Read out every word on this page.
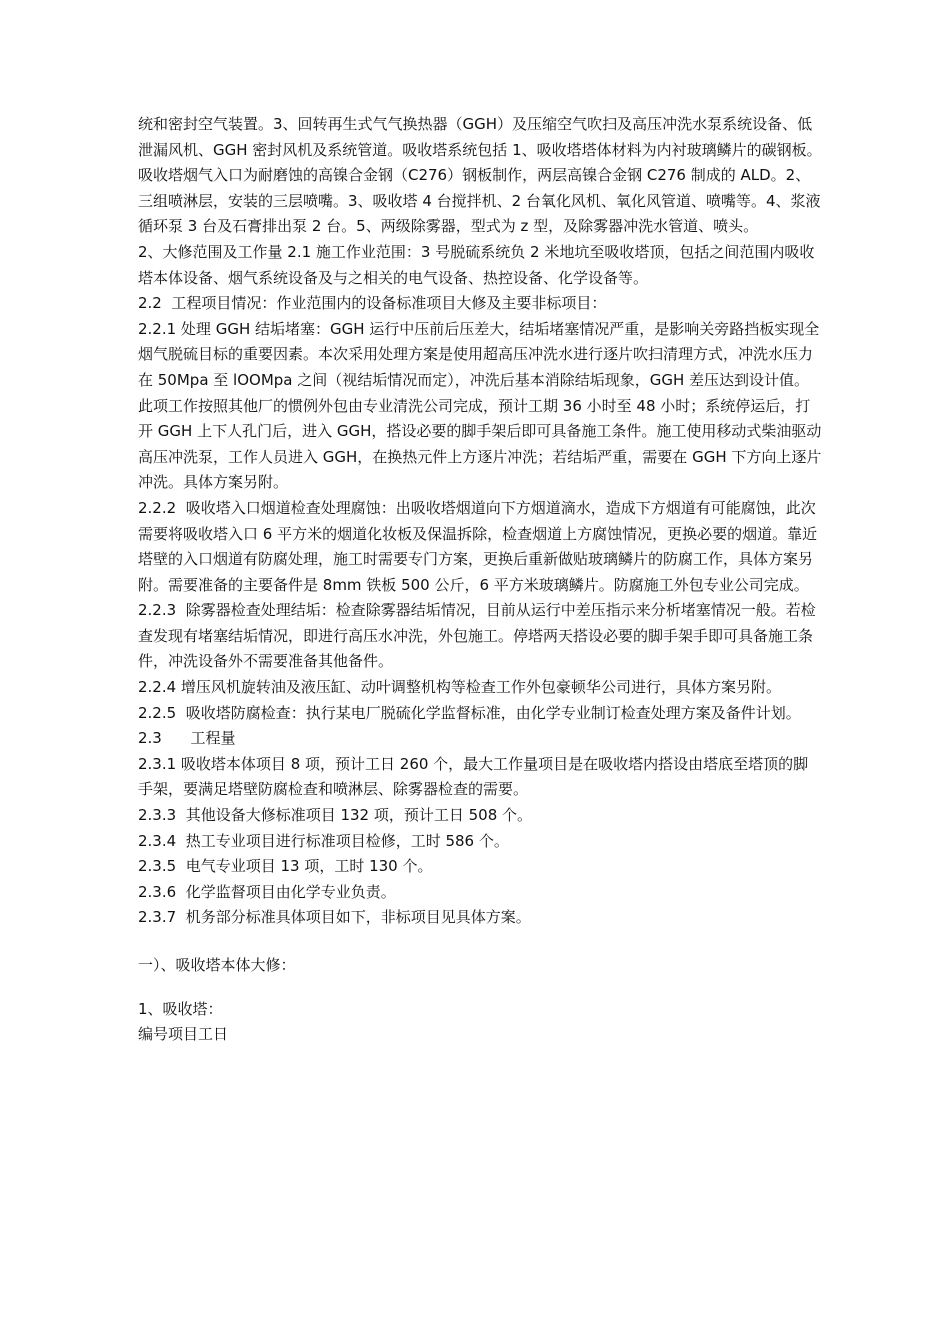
统和密封空气装置。3、回转再生式气气换热器（GGH）及压缩空气吹扫及高压冲洗水泵系统设备、低泄漏风机、GGH 密封风机及系统管道。吸收塔系统包括 1、吸收塔塔体材料为内衬玻璃鳞片的碳钢板。吸收塔烟气入口为耐磨蚀的高镍合金钢（C276）钢板制作，两层高镍合金钢 C276 制成的 ALD。2、三组喷淋层，安装的三层喷嘴。3、吸收塔 4 台搅拌机、2 台氧化风机、氧化风管道、喷嘴等。4、浆液循环泵 3 台及石膏排出泵 2 台。5、两级除雾器，型式为 z 型，及除雾器冲洗水管道、喷头。

2、大修范围及工作量 2.1 施工作业范围：3 号脱硫系统负 2 米地坑至吸收塔顶，包括之间范围内吸收塔本体设备、烟气系统设备及与之相关的电气设备、热控设备、化学设备等。

2.2  工程项目情况：作业范围内的设备标准项目大修及主要非标项目：

2.2.1 处理 GGH 结垢堵塞：GGH 运行中压前后压差大，结垢堵塞情况严重，是影响关旁路挡板实现全烟气脱硫目标的重要因素。本次采用处理方案是使用超高压冲洗水进行逐片吹扫清理方式，冲洗水压力在 50Mpa 至 lOOMpa 之间（视结垢情况而定），冲洗后基本消除结垢现象，GGH 差压达到设计值。此项工作按照其他厂的惯例外包由专业清洗公司完成，预计工期 36 小时至 48 小时；系统停运后，打开 GGH 上下人孔门后，进入 GGH，搭设必要的脚手架后即可具备施工条件。施工使用移动式柴油驱动高压冲洗泵，工作人员进入 GGH，在换热元件上方逐片冲洗；若结垢严重，需要在 GGH 下方向上逐片冲洗。具体方案另附。

2.2.2  吸收塔入口烟道检查处理腐蚀：出吸收塔烟道向下方烟道滴水，造成下方烟道有可能腐蚀，此次需要将吸收塔入口 6 平方米的烟道化妆板及保温拆除，检查烟道上方腐蚀情况，更换必要的烟道。靠近塔壁的入口烟道有防腐处理，施工时需要专门方案，更换后重新做贴玻璃鳞片的防腐工作，具体方案另附。需要准备的主要备件是 8mm 铁板 500 公斤，6 平方米玻璃鳞片。防腐施工外包专业公司完成。

2.2.3  除雾器检查处理结垢：检查除雾器结垢情况，目前从运行中差压指示来分析堵塞情况一般。若检查发现有堵塞结垢情况，即进行高压水冲洗，外包施工。停塔两天搭设必要的脚手架手即可具备施工条件，冲洗设备外不需要准备其他备件。

2.2.4 增压风机旋转油及液压缸、动叶调整机构等检查工作外包豪顿华公司进行，具体方案另附。

2.2.5  吸收塔防腐检查：执行某电厂脱硫化学监督标准，由化学专业制订检查处理方案及备件计划。

2.3      工程量

2.3.1 吸收塔本体项目 8 项，预计工日 260 个，最大工作量项目是在吸收塔内搭设由塔底至塔顶的脚手架，要满足塔壁防腐检查和喷淋层、除雾器检查的需要。

2.3.3  其他设备大修标准项目 132 项，预计工日 508 个。

2.3.4  热工专业项目进行标准项目检修，工时 586 个。

2.3.5  电气专业项目 13 项，工时 130 个。

2.3.6  化学监督项目由化学专业负责。

2.3.7  机务部分标准具体项目如下，非标项目见具体方案。

一）、吸收塔本体大修：

1、吸收塔：

编号项目工日
